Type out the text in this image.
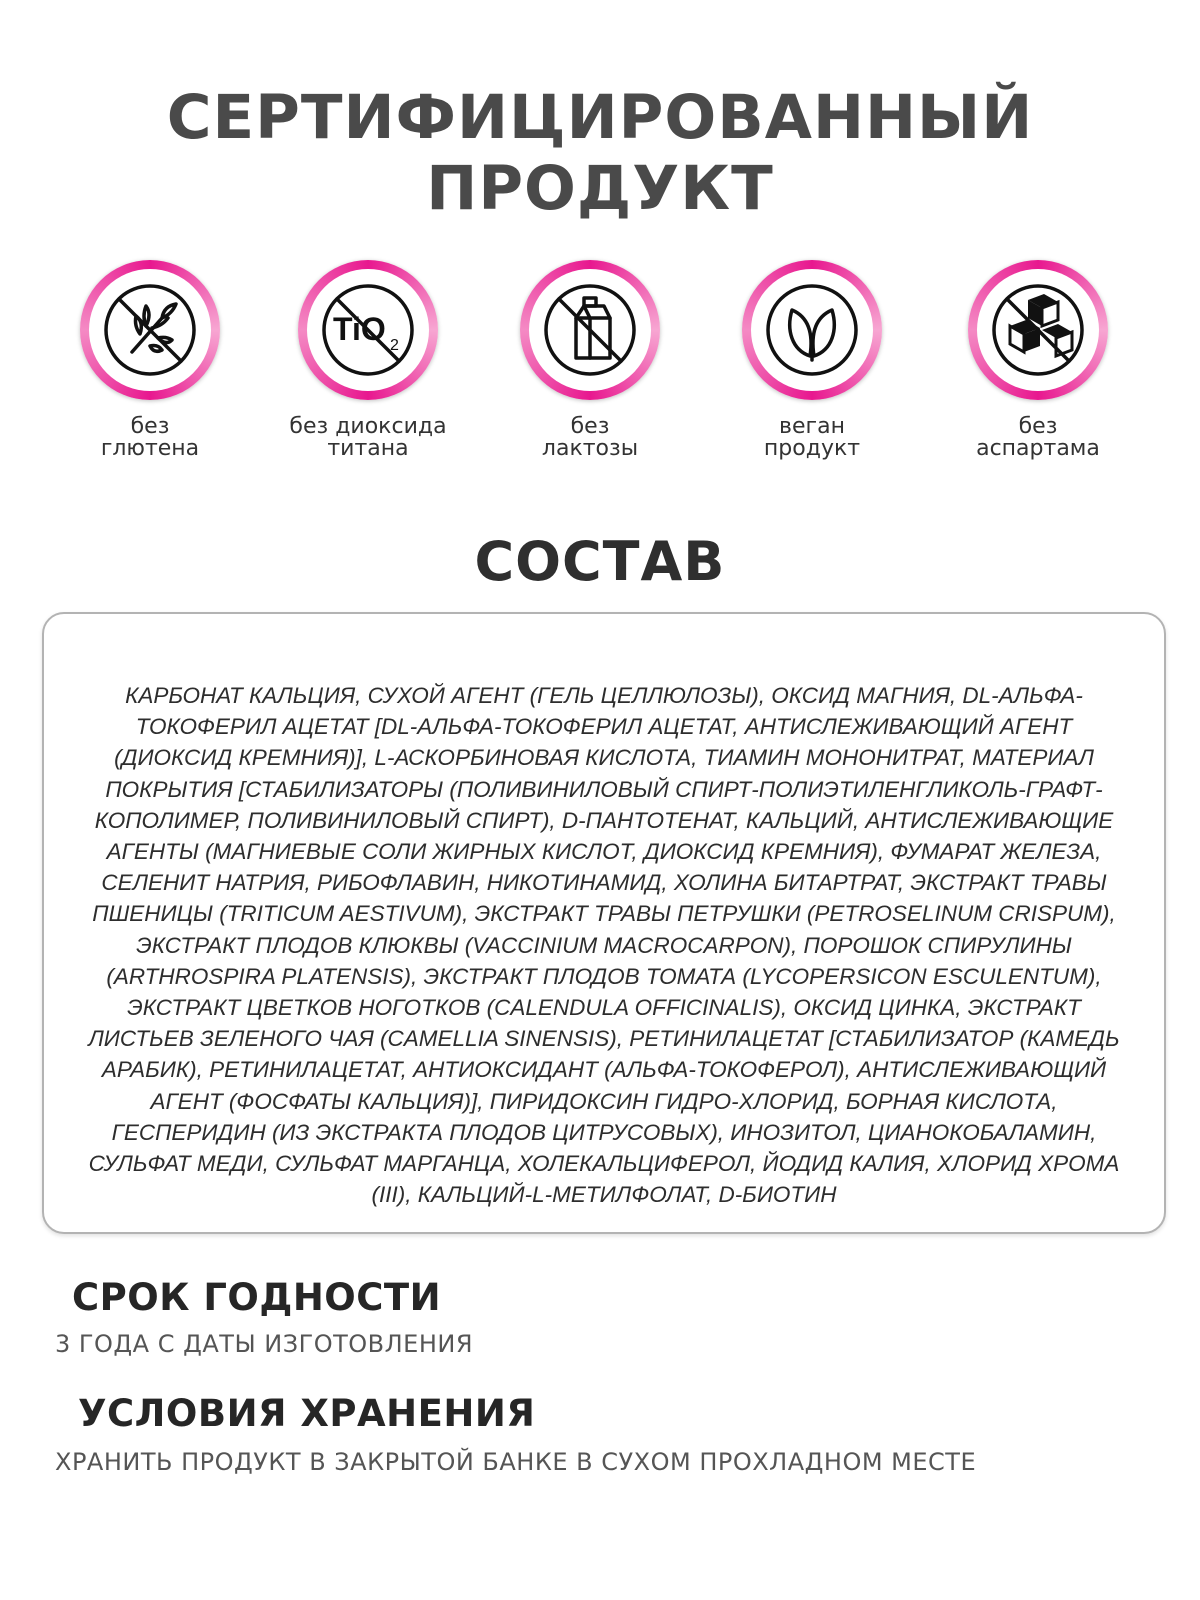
СЕРТИФИЦИРОВАННЫЙ ПРОДУКТ
без
глютена
TiO 2
без диоксида
титана
без
лактозы
веган
продукт
без
аспартама
СОСТАВ

КАРБОНАТ КАЛЬЦИЯ, СУХОЙ АГЕНТ (ГЕЛЬ ЦЕЛЛЮЛОЗЫ), ОКСИД МАГНИЯ, DL-АЛЬФА-ТОКОФЕРИЛ АЦЕТАТ [DL-АЛЬФА-ТОКОФЕРИЛ АЦЕТАТ, АНТИСЛЕЖИВАЮЩИЙ АГЕНТ (ДИОКСИД КРЕМНИЯ)], L-АСКОРБИНОВАЯ КИСЛОТА, ТИАМИН МОНОНИТРАТ, МАТЕРИАЛ ПОКРЫТИЯ [СТАБИЛИЗАТОРЫ (ПОЛИВИНИЛОВЫЙ СПИРТ-ПОЛИЭТИЛЕНГЛИКОЛЬ-ГРАФТ-КОПОЛИМЕР, ПОЛИВИНИЛОВЫЙ СПИРТ), D-ПАНТОТЕНАТ, КАЛЬЦИЙ, АНТИСЛЕЖИВАЮЩИЕ АГЕНТЫ (МАГНИЕВЫЕ СОЛИ ЖИРНЫХ КИСЛОТ, ДИОКСИД КРЕМНИЯ), ФУМАРАТ ЖЕЛЕЗА, СЕЛЕНИТ НАТРИЯ, РИБОФЛАВИН, НИКОТИНАМИД, ХОЛИНА БИТАРТРАТ, ЭКСТРАКТ ТРАВЫ ПШЕНИЦЫ (TRITICUM AESTIVUM), ЭКСТРАКТ ТРАВЫ ПЕТРУШКИ (PETROSELINUM CRISPUM), ЭКСТРАКТ ПЛОДОВ КЛЮКВЫ (VACCINIUM MACROCARPON), ПОРОШОК СПИРУЛИНЫ (ARTHROSPIRA PLATENSIS), ЭКСТРАКТ ПЛОДОВ ТОМАТА (LYCOPERSICON ESCULENTUM), ЭКСТРАКТ ЦВЕТКОВ НОГОТКОВ (CALENDULA OFFICINALIS), ОКСИД ЦИНКА, ЭКСТРАКТ ЛИСТЬЕВ ЗЕЛЕНОГО ЧАЯ (CAMELLIA SINENSIS), РЕТИНИЛАЦЕТАТ [СТАБИЛИЗАТОР (КАМЕДЬ АРАБИК), РЕТИНИЛАЦЕТАТ, АНТИОКСИДАНТ (АЛЬФА-ТОКОФЕРОЛ), АНТИСЛЕЖИВАЮЩИЙ АГЕНТ (ФОСФАТЫ КАЛЬЦИЯ)], ПИРИДОКСИН ГИДРО-ХЛОРИД, БОРНАЯ КИСЛОТА, ГЕСПЕРИДИН (ИЗ ЭКСТРАКТА ПЛОДОВ ЦИТРУСОВЫХ), ИНОЗИТОЛ, ЦИАНОКОБАЛАМИН, СУЛЬФАТ МЕДИ, СУЛЬФАТ МАРГАНЦА, ХОЛЕКАЛЬЦИФЕРОЛ, ЙОДИД КАЛИЯ, ХЛОРИД ХРОМА (III), КАЛЬЦИЙ-L-МЕТИЛФОЛАТ, D-БИОТИН

СРОК ГОДНОСТИ

3 ГОДА С ДАТЫ ИЗГОТОВЛЕНИЯ

УСЛОВИЯ ХРАНЕНИЯ

ХРАНИТЬ ПРОДУКТ В ЗАКРЫТОЙ БАНКЕ В СУХОМ ПРОХЛАДНОМ МЕСТЕ
